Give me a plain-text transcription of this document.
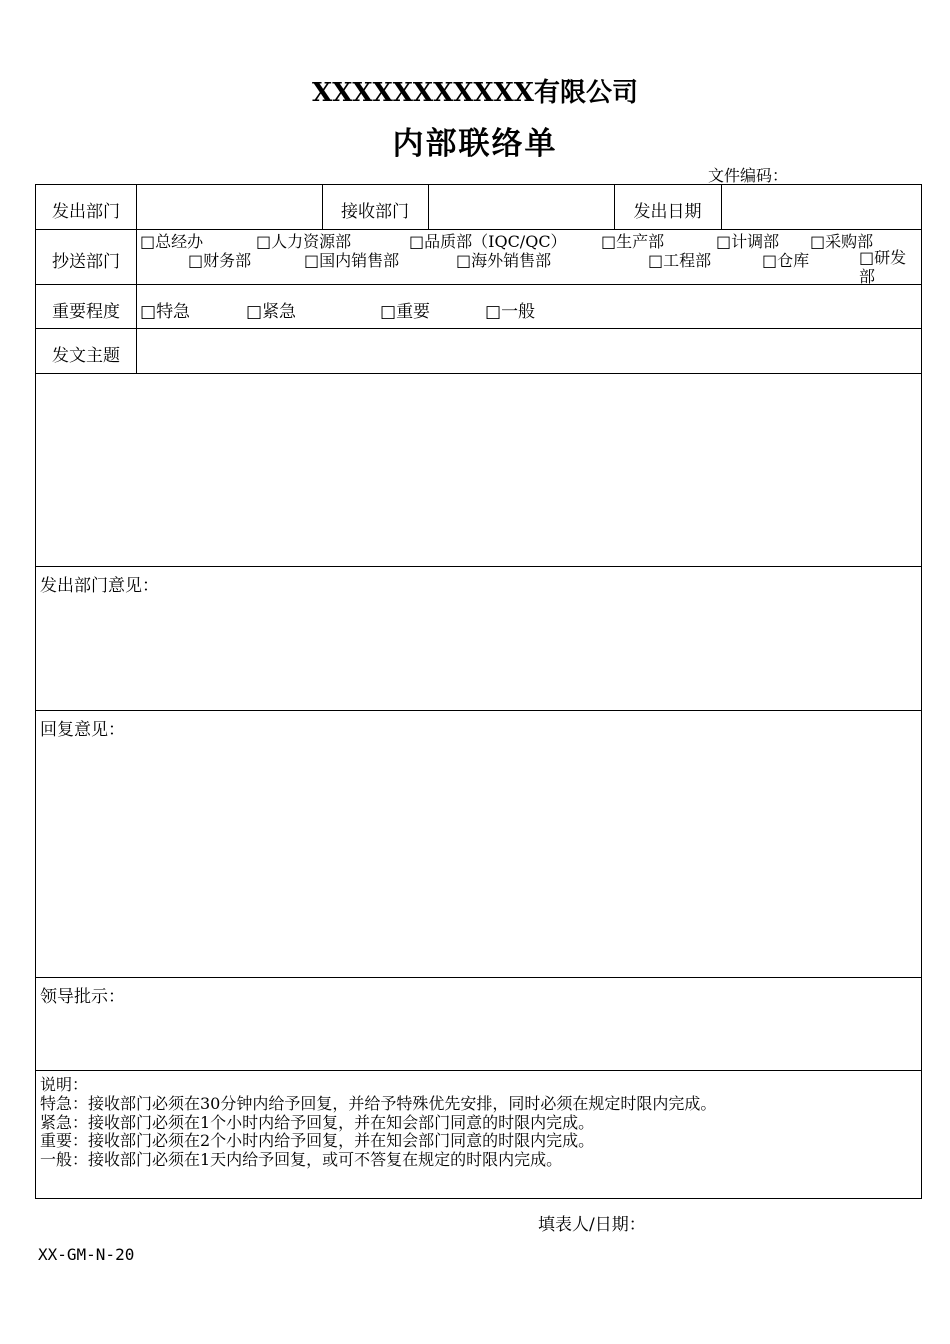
XXXXXXXXXXX有限公司
内部联络单
文件编码：
发出部门	接收部门	发出日期
抄送部门
□总经办	□人力资源部	□品质部（IQC/QC） □生产部	□计调部 □采购部
□财务部	□国内销售部	□海外销售部	□工程部	□仓库	□研发部
重要程度	□特急	□紧急	□重要	□一般
发文主题
发出部门意见：
回复意见：
领导批示：
说明：
特急：接收部门必须在30分钟内给予回复，并给予特殊优先安排，同时必须在规定时限内完成。
紧急：接收部门必须在1个小时内给予回复，并在知会部门同意的时限内完成。
重要：接收部门必须在2个小时内给予回复，并在知会部门同意的时限内完成。
一般：接收部门必须在1天内给予回复，或可不答复在规定的时限内完成。
填表人/日期：
XX-GM-N-20
